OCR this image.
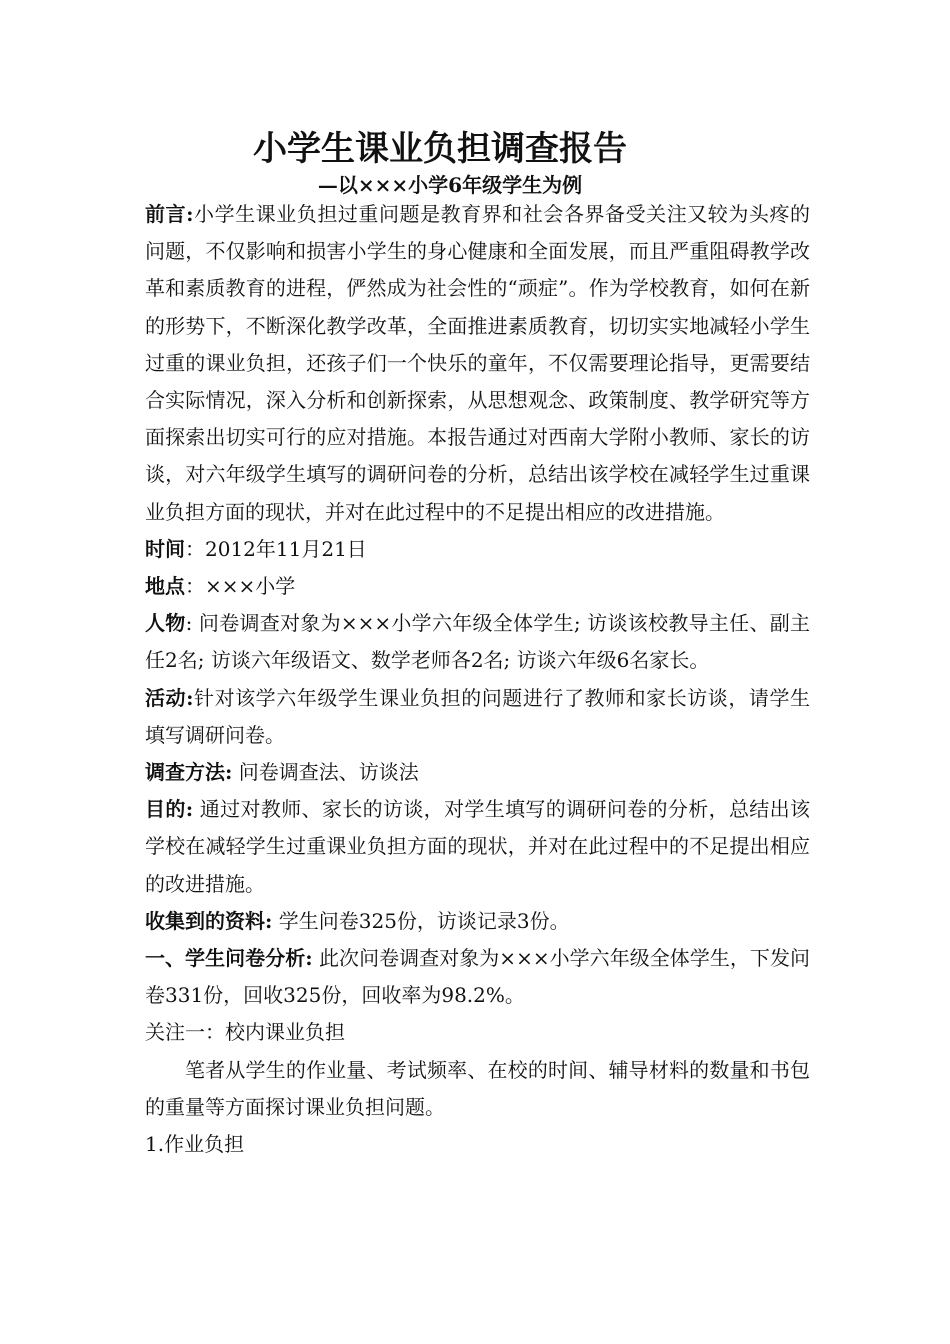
小学生课业负担调查报告
—以×××小学6年级学生为例

前言:小学生课业负担过重问题是教育界和社会各界备受关注又较为头疼的问题，不仅影响和损害小学生的身心健康和全面发展，而且严重阻碍教学改革和素质教育的进程，俨然成为社会性的“顽症”。作为学校教育，如何在新的形势下，不断深化教学改革，全面推进素质教育，切切实实地减轻小学生过重的课业负担，还孩子们一个快乐的童年，不仅需要理论指导，更需要结合实际情况，深入分析和创新探索，从思想观念、政策制度、教学研究等方面探索出切实可行的应对措施。本报告通过对西南大学附小教师、家长的访谈，对六年级学生填写的调研问卷的分析，总结出该学校在减轻学生过重课业负担方面的现状，并对在此过程中的不足提出相应的改进措施。

时间：2012年11月21日

地点：×××小学

人物: 问卷调查对象为×××小学六年级全体学生; 访谈该校教导主任、副主任2名; 访谈六年级语文、数学老师各2名; 访谈六年级6名家长。

活动:针对该学六年级学生课业负担的问题进行了教师和家长访谈，请学生填写调研问卷。

调查方法: 问卷调查法、访谈法

目的: 通过对教师、家长的访谈，对学生填写的调研问卷的分析，总结出该学校在减轻学生过重课业负担方面的现状，并对在此过程中的不足提出相应的改进措施。

收集到的资料: 学生问卷325份，访谈记录3份。

一、学生问卷分析: 此次问卷调查对象为×××小学六年级全体学生，下发问卷331份，回收325份，回收率为98.2%。

关注一：校内课业负担

笔者从学生的作业量、考试频率、在校的时间、辅导材料的数量和书包的重量等方面探讨课业负担问题。

1.作业负担
